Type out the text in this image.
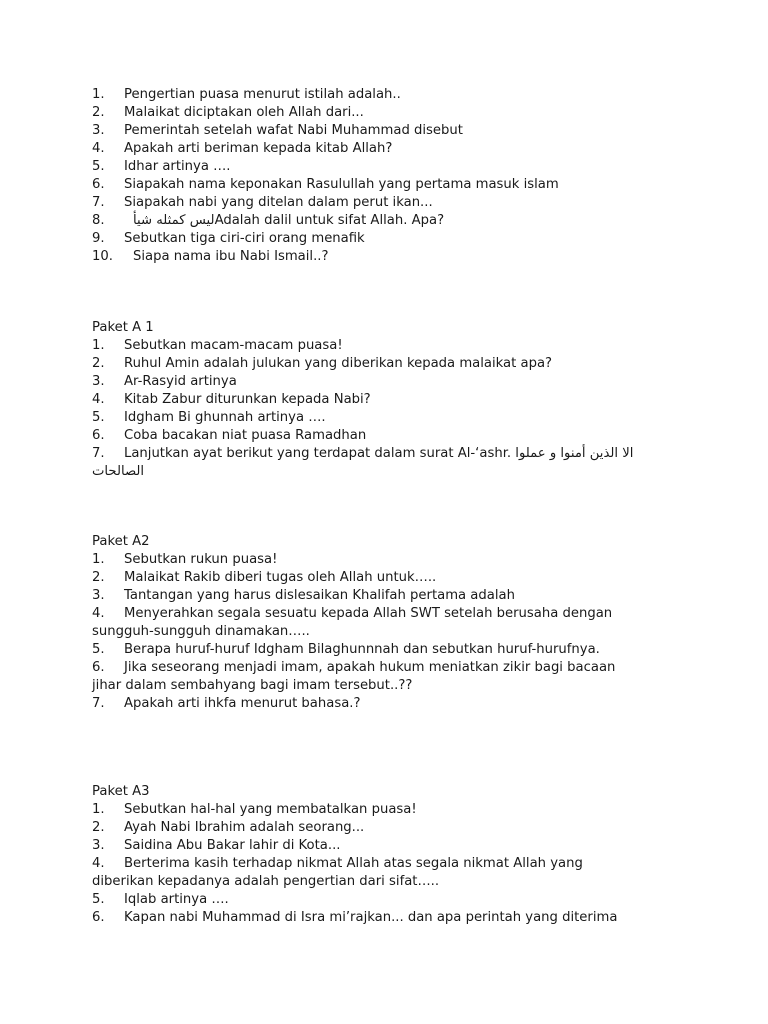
1. Pengertian puasa menurut istilah adalah..
2. Malaikat diciptakan oleh Allah dari...
3. Pemerintah setelah wafat Nabi Muhammad disebut
4. Apakah arti beriman kepada kitab Allah?
5. Idhar artinya ….
6. Siapakah nama keponakan Rasulullah yang pertama masuk islam
7. Siapakah nabi yang ditelan dalam perut ikan...
8. ليس كمثله شيأAdalah dalil untuk sifat Allah. Apa?
9. Sebutkan tiga ciri-ciri orang menafik
10. Siapa nama ibu Nabi Ismail..?
Paket A 1
1. Sebutkan macam-macam puasa!
2. Ruhul Amin adalah julukan yang diberikan kepada malaikat apa?
3. Ar-Rasyid artinya
4. Kitab Zabur diturunkan kepada Nabi?
5. Idgham Bi ghunnah artinya ….
6. Coba bacakan niat puasa Ramadhan
7. Lanjutkan ayat berikut yang terdapat dalam surat Al-‘ashr. الا الذين أمنوا و عملوا
الصالحات
Paket A2
1. Sebutkan rukun puasa!
2. Malaikat Rakib diberi tugas oleh Allah untuk…..
3. Tantangan yang harus dislesaikan Khalifah pertama adalah
4. Menyerahkan segala sesuatu kepada Allah SWT setelah berusaha dengan
sungguh-sungguh dinamakan…..
5. Berapa huruf-huruf Idgham Bilaghunnnah dan sebutkan huruf-hurufnya.
6. Jika seseorang menjadi imam, apakah hukum meniatkan zikir bagi bacaan
jihar dalam sembahyang bagi imam tersebut..??
7. Apakah arti ihkfa menurut bahasa.?
Paket A3
1. Sebutkan hal-hal yang membatalkan puasa!
2. Ayah Nabi Ibrahim adalah seorang...
3. Saidina Abu Bakar lahir di Kota...
4. Berterima kasih terhadap nikmat Allah atas segala nikmat Allah yang
diberikan kepadanya adalah pengertian dari sifat…..
5. Iqlab artinya ….
6. Kapan nabi Muhammad di Isra mi’rajkan... dan apa perintah yang diterima
